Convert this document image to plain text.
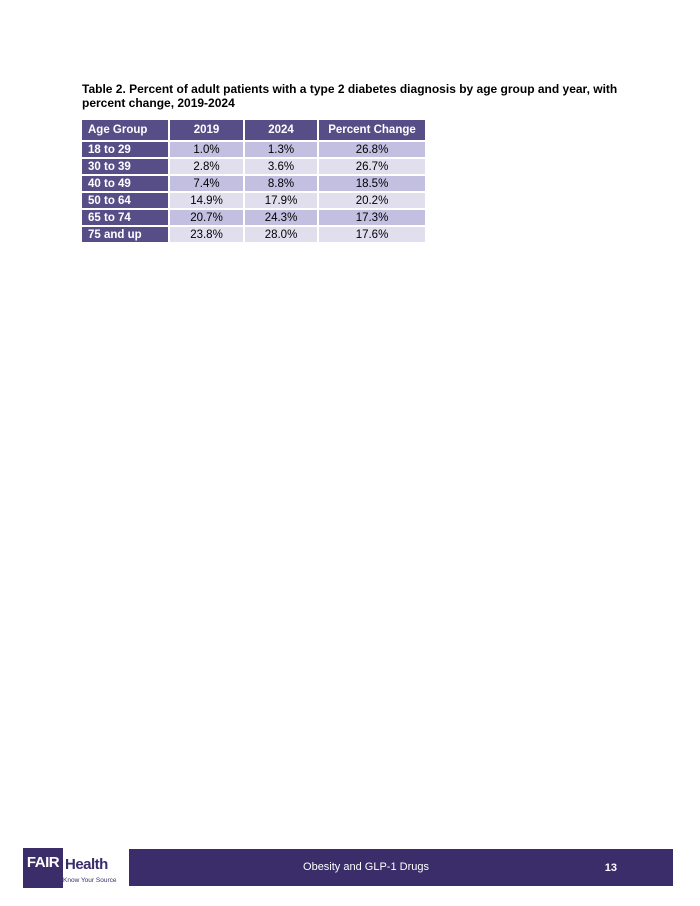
Table 2. Percent of adult patients with a type 2 diabetes diagnosis by age group and year, with percent change, 2019-2024
Age Group	2019	2024	Percent Change
18 to 29	1.0%	1.3%	26.8%
30 to 39	2.8%	3.6%	26.7%
40 to 49	7.4%	8.8%	18.5%
50 to 64	14.9%	17.9%	20.2%
65 to 74	20.7%	24.3%	17.3%
75 and up	23.8%	28.0%	17.6%
FAIR Health
Know Your Source
Obesity and GLP-1 Drugs	13
